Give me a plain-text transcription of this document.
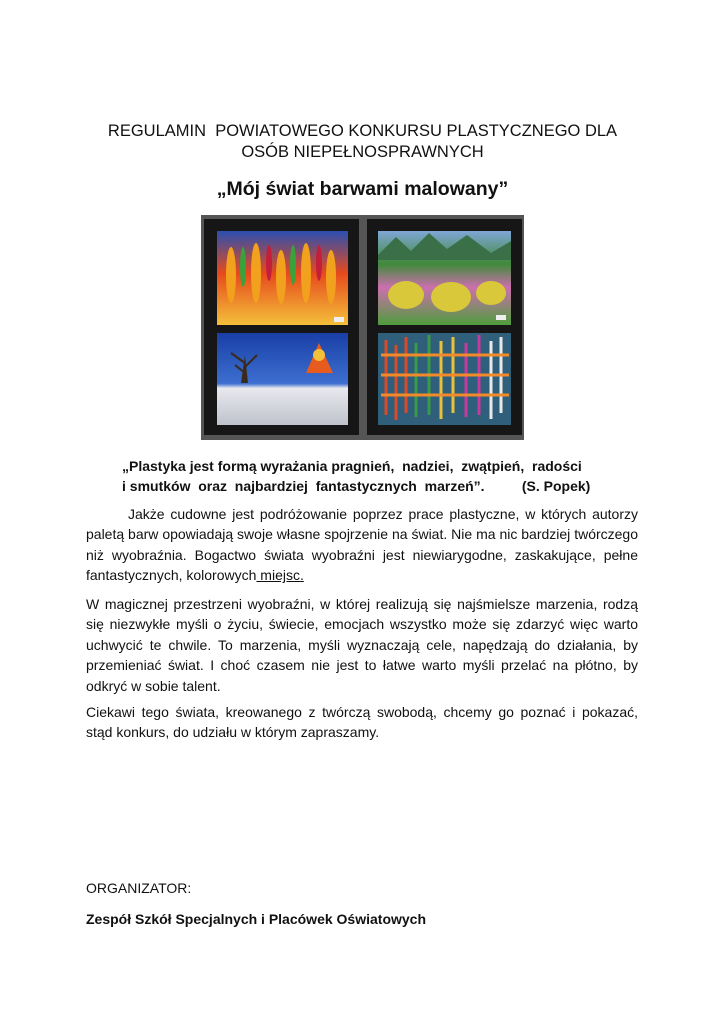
REGULAMIN  POWIATOWEGO KONKURSU PLASTYCZNEGO DLA
OSÓB NIEPEŁNOSPRAWNYCH
„Mój świat barwami malowany”
„Plastyka jest formą wyrażania pragnień,  nadziei,  zwątpień,  radości
i smutków  oraz  najbardziej  fantastycznych  marzeń”.	(S. Popek)
Jakże cudowne jest podróżowanie poprzez prace plastyczne, w których autorzy paletą barw opowiadają swoje własne spojrzenie na świat. Nie ma nic bardziej twórczego niż wyobraźnia. Bogactwo świata wyobraźni jest niewiarygodne, zaskakujące, pełne fantastycznych, kolorowych miejsc.
W magicznej przestrzeni wyobraźni, w której realizują się najśmielsze marzenia, rodzą się niezwykłe myśli o życiu, świecie, emocjach wszystko może się zdarzyć więc warto uchwycić te chwile. To marzenia, myśli wyznaczają cele, napędzają do działania, by przemieniać świat. I choć czasem nie jest to łatwe warto myśli przelać na płótno, by odkryć w sobie talent.
Ciekawi tego świata, kreowanego z twórczą swobodą, chcemy go poznać i pokazać, stąd konkurs, do udziału w którym zapraszamy.
ORGANIZATOR:
Zespół Szkół Specjalnych i Placówek Oświatowych
